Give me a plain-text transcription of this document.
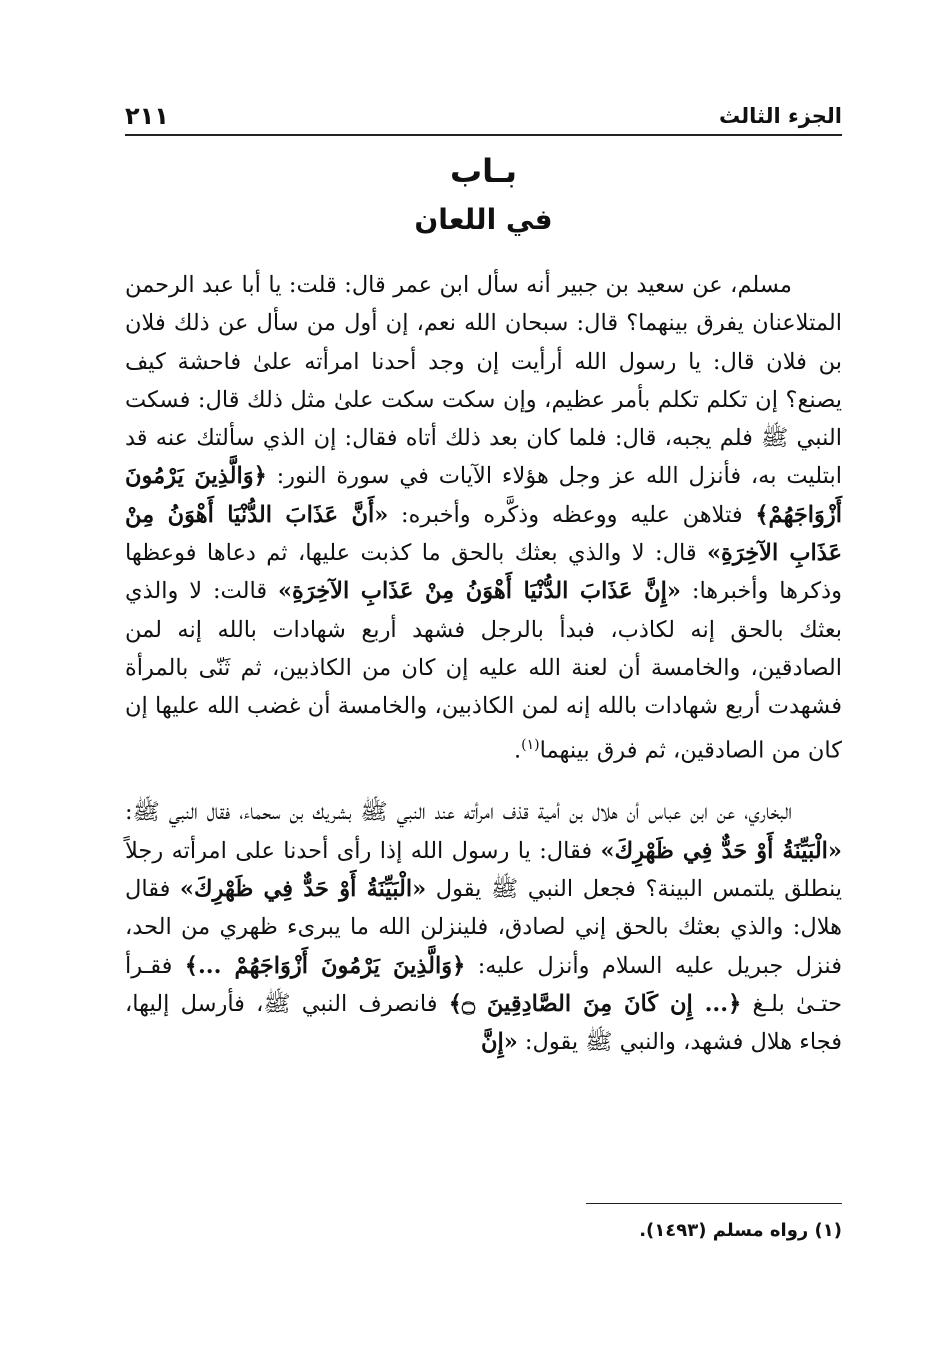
الجزء الثالث
٢١١
بـاب
في اللعان

مسلم، عن سعيد بن جبير أنه سأل ابن عمر قال: قلت: يا أبا عبد الرحمن المتلاعنان يفرق بينهما؟ قال: سبحان الله نعم، إن أول من سأل عن ذلك فلان بن فلان قال: يا رسول الله أرأيت إن وجد أحدنا امرأته علىٰ فاحشة كيف يصنع؟ إن تكلم تكلم بأمر عظيم، وإن سكت سكت علىٰ مثل ذلك قال: فسكت النبي ﷺ فلم يجبه، قال: فلما كان بعد ذلك أتاه فقال: إن الذي سألتك عنه قد ابتليت به، فأنزل الله عز وجل هؤلاء الآيات في سورة النور: ﴿وَالَّذِينَ يَرْمُونَ أَزْوَاجَهُمْ﴾ فتلاهن عليه ووعظه وذكَّره وأخبره: «أَنَّ عَذَابَ الدُّنْيَا أَهْوَنُ مِنْ عَذَابِ الآخِرَةِ» قال: لا والذي بعثك بالحق ما كذبت عليها، ثم دعاها فوعظها وذكرها وأخبرها: «إِنَّ عَذَابَ الدُّنْيَا أَهْوَنُ مِنْ عَذَابِ الآخِرَةِ» قالت: لا والذي بعثك بالحق إنه لكاذب، فبدأ بالرجل فشهد أربع شهادات بالله إنه لمن الصادقين، والخامسة أن لعنة الله عليه إن كان من الكاذبين، ثم ثَنّى بالمرأة فشهدت أربع شهادات بالله إنه لمن الكاذبين، والخامسة أن غضب الله عليها إن كان من الصادقين، ثم فرق بينهما$^{(١)}$.

البخاري، عن ابن عباس أن هلال بن أمية قذف امرأته عند النبي ﷺ بشريك بن سحماء، فقال النبي ﷺ: «الْبَيِّنَةُ أَوْ حَدٌّ فِي ظَهْرِكَ» فقال: يا رسول الله إذا رأى أحدنا على امرأته رجلاً ينطلق يلتمس البينة؟ فجعل النبي ﷺ يقول «الْبَيِّنَةُ أَوْ حَدٌّ فِي ظَهْرِكَ» فقال هلال: والذي بعثك بالحق إني لصادق، فلينزلن الله ما يبرىء ظهري من الحد، فنزل جبريل عليه السلام وأنزل عليه: ﴿وَالَّذِينَ يَرْمُونَ أَزْوَاجَهُمْ ...﴾ فقـرأ حتـىٰ بلـغ ﴿... إِن كَانَ مِنَ الصَّادِقِينَ ۝﴾ فانصرف النبي ﷺ، فأرسل إليها، فجاء هلال فشهد، والنبي ﷺ يقول: «إِنَّ

(١) رواه مسلم (١٤٩٣).
